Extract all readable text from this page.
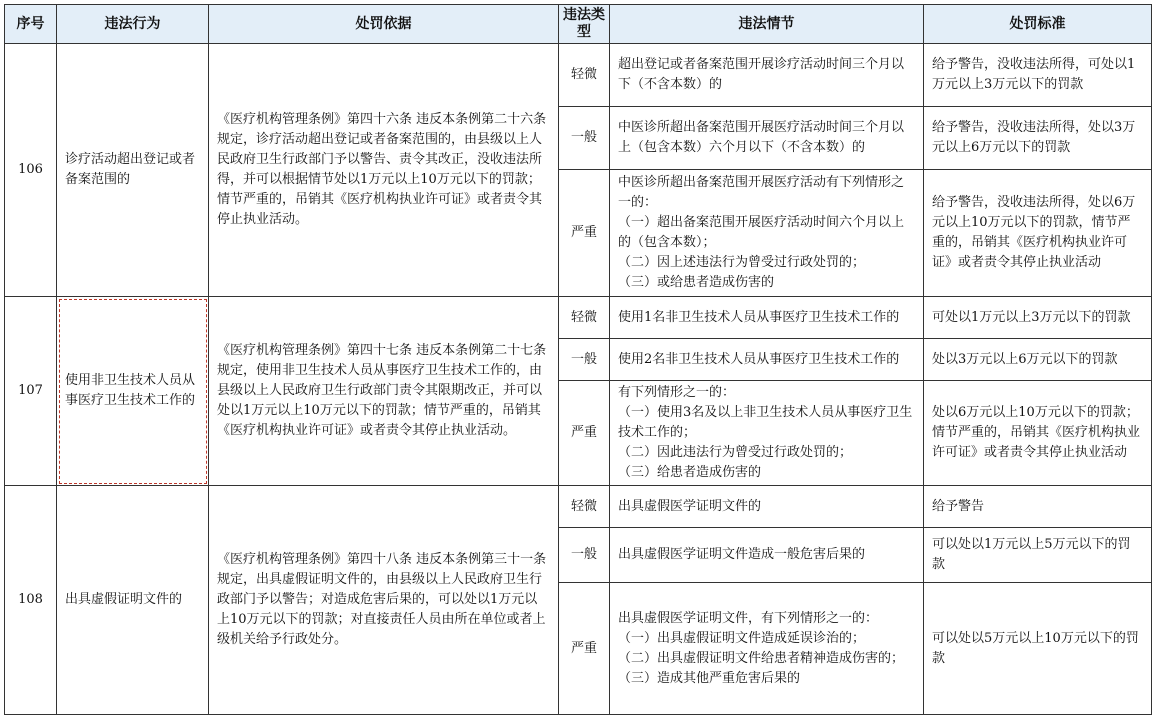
序号	违法行为	处罚依据	违法类型	违法情节	处罚标准
106	诊疗活动超出登记或者备案范围的	《医疗机构管理条例》第四十六条 违反本条例第二十六条规定，诊疗活动超出登记或者备案范围的，由县级以上人民政府卫生行政部门予以警告、责令其改正，没收违法所得，并可以根据情节处以1万元以上10万元以下的罚款；情节严重的，吊销其《医疗机构执业许可证》或者责令其停止执业活动。	轻微	超出登记或者备案范围开展诊疗活动时间三个月以下（不含本数）的	给予警告，没收违法所得，可处以1万元以上3万元以下的罚款
			一般	中医诊所超出备案范围开展医疗活动时间三个月以上（包含本数）六个月以下（不含本数）的	给予警告，没收违法所得，处以3万元以上6万元以下的罚款
			严重	中医诊所超出备案范围开展医疗活动有下列情形之一的：
（一）超出备案范围开展医疗活动时间六个月以上的（包含本数）；
（二）因上述违法行为曾受过行政处罚的；
（三）或给患者造成伤害的	给予警告，没收违法所得，处以6万元以上10万元以下的罚款，情节严重的，吊销其《医疗机构执业许可证》或者责令其停止执业活动
107	使用非卫生技术人员从事医疗卫生技术工作的	《医疗机构管理条例》第四十七条 违反本条例第二十七条规定，使用非卫生技术人员从事医疗卫生技术工作的，由县级以上人民政府卫生行政部门责令其限期改正，并可以处以1万元以上10万元以下的罚款；情节严重的，吊销其《医疗机构执业许可证》或者责令其停止执业活动。	轻微	使用1名非卫生技术人员从事医疗卫生技术工作的	可处以1万元以上3万元以下的罚款
			一般	使用2名非卫生技术人员从事医疗卫生技术工作的	处以3万元以上6万元以下的罚款
			严重	有下列情形之一的：
（一）使用3名及以上非卫生技术人员从事医疗卫生技术工作的；
（二）因此违法行为曾受过行政处罚的；
（三）给患者造成伤害的	处以6万元以上10万元以下的罚款；情节严重的，吊销其《医疗机构执业许可证》或者责令其停止执业活动
108	出具虚假证明文件的	《医疗机构管理条例》第四十八条 违反本条例第三十一条规定，出具虚假证明文件的，由县级以上人民政府卫生行政部门予以警告；对造成危害后果的，可以处以1万元以上10万元以下的罚款；对直接责任人员由所在单位或者上级机关给予行政处分。	轻微	出具虚假医学证明文件的	给予警告
			一般	出具虚假医学证明文件造成一般危害后果的	可以处以1万元以上5万元以下的罚款
			严重	出具虚假医学证明文件，有下列情形之一的：
（一）出具虚假证明文件造成延误诊治的；
（二）出具虚假证明文件给患者精神造成伤害的；
（三）造成其他严重危害后果的	可以处以5万元以上10万元以下的罚款
